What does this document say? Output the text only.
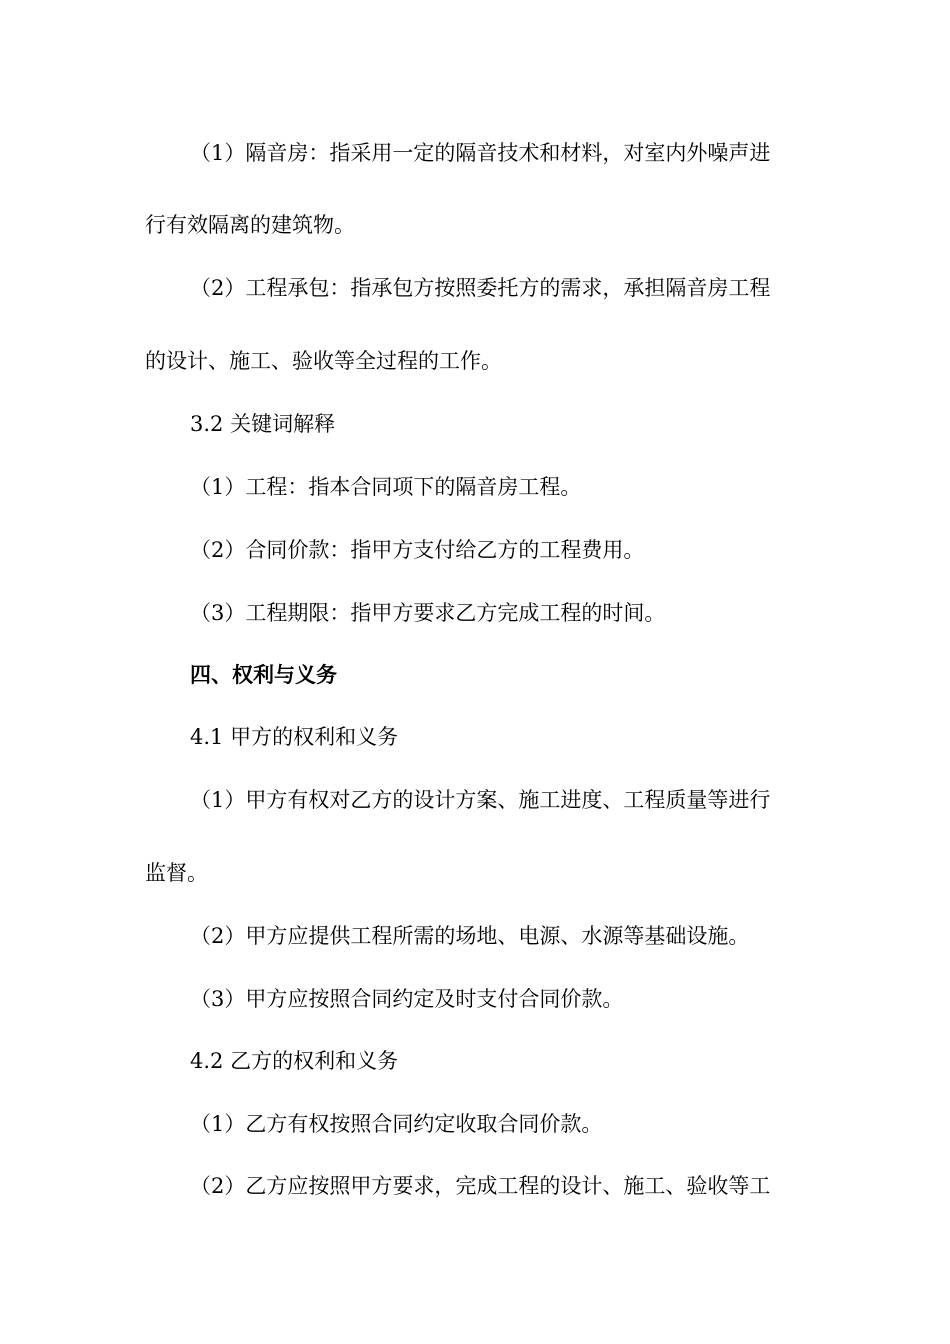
（1）隔音房：指采用一定的隔音技术和材料，对室内外噪声进
行有效隔离的建筑物。
（2）工程承包：指承包方按照委托方的需求，承担隔音房工程
的设计、施工、验收等全过程的工作。
3.2 关键词解释
（1）工程：指本合同项下的隔音房工程。
（2）合同价款：指甲方支付给乙方的工程费用。
（3）工程期限：指甲方要求乙方完成工程的时间。
四、权利与义务
4.1 甲方的权利和义务
（1）甲方有权对乙方的设计方案、施工进度、工程质量等进行
监督。
（2）甲方应提供工程所需的场地、电源、水源等基础设施。
（3）甲方应按照合同约定及时支付合同价款。
4.2 乙方的权利和义务
（1）乙方有权按照合同约定收取合同价款。
（2）乙方应按照甲方要求，完成工程的设计、施工、验收等工
